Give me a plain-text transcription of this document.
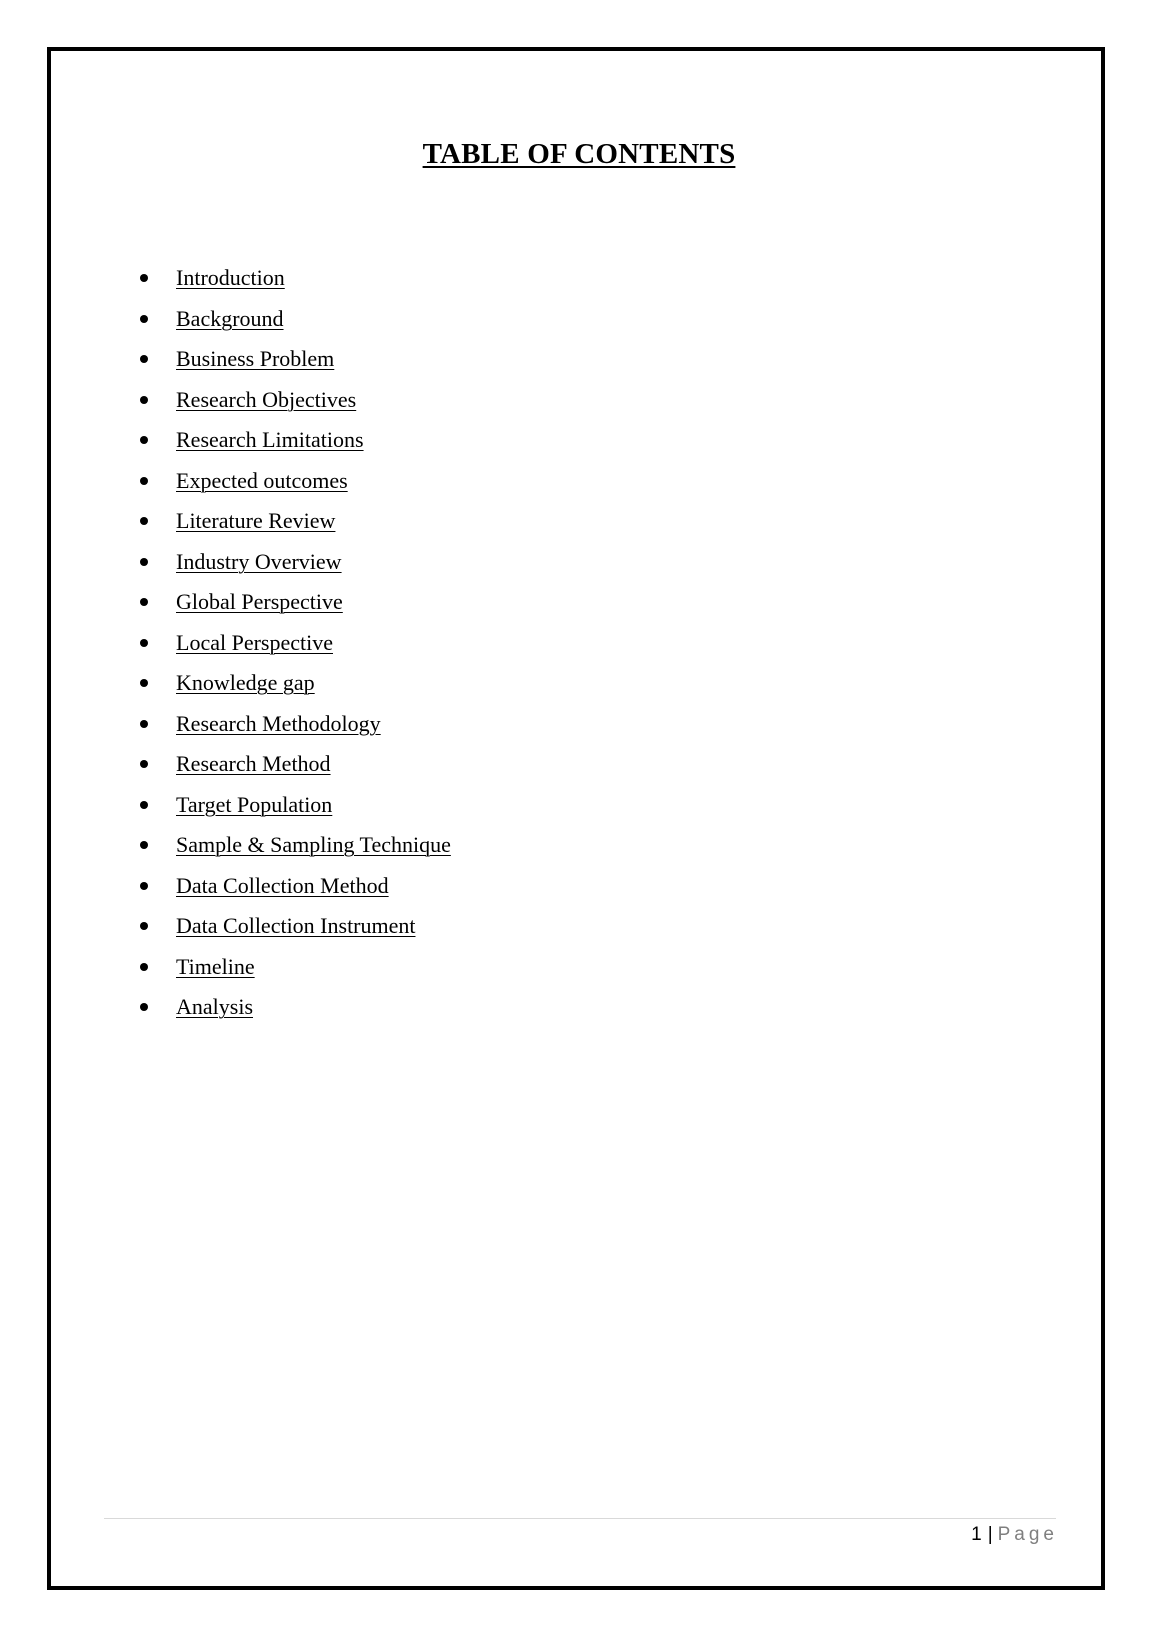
TABLE OF CONTENTS
Introduction
Background
Business Problem
Research Objectives
Research Limitations
Expected outcomes
Literature Review
Industry Overview
Global Perspective
Local Perspective
Knowledge gap
Research Methodology
Research Method
Target Population
Sample & Sampling Technique
Data Collection Method
Data Collection Instrument
Timeline
Analysis
1 | Page
